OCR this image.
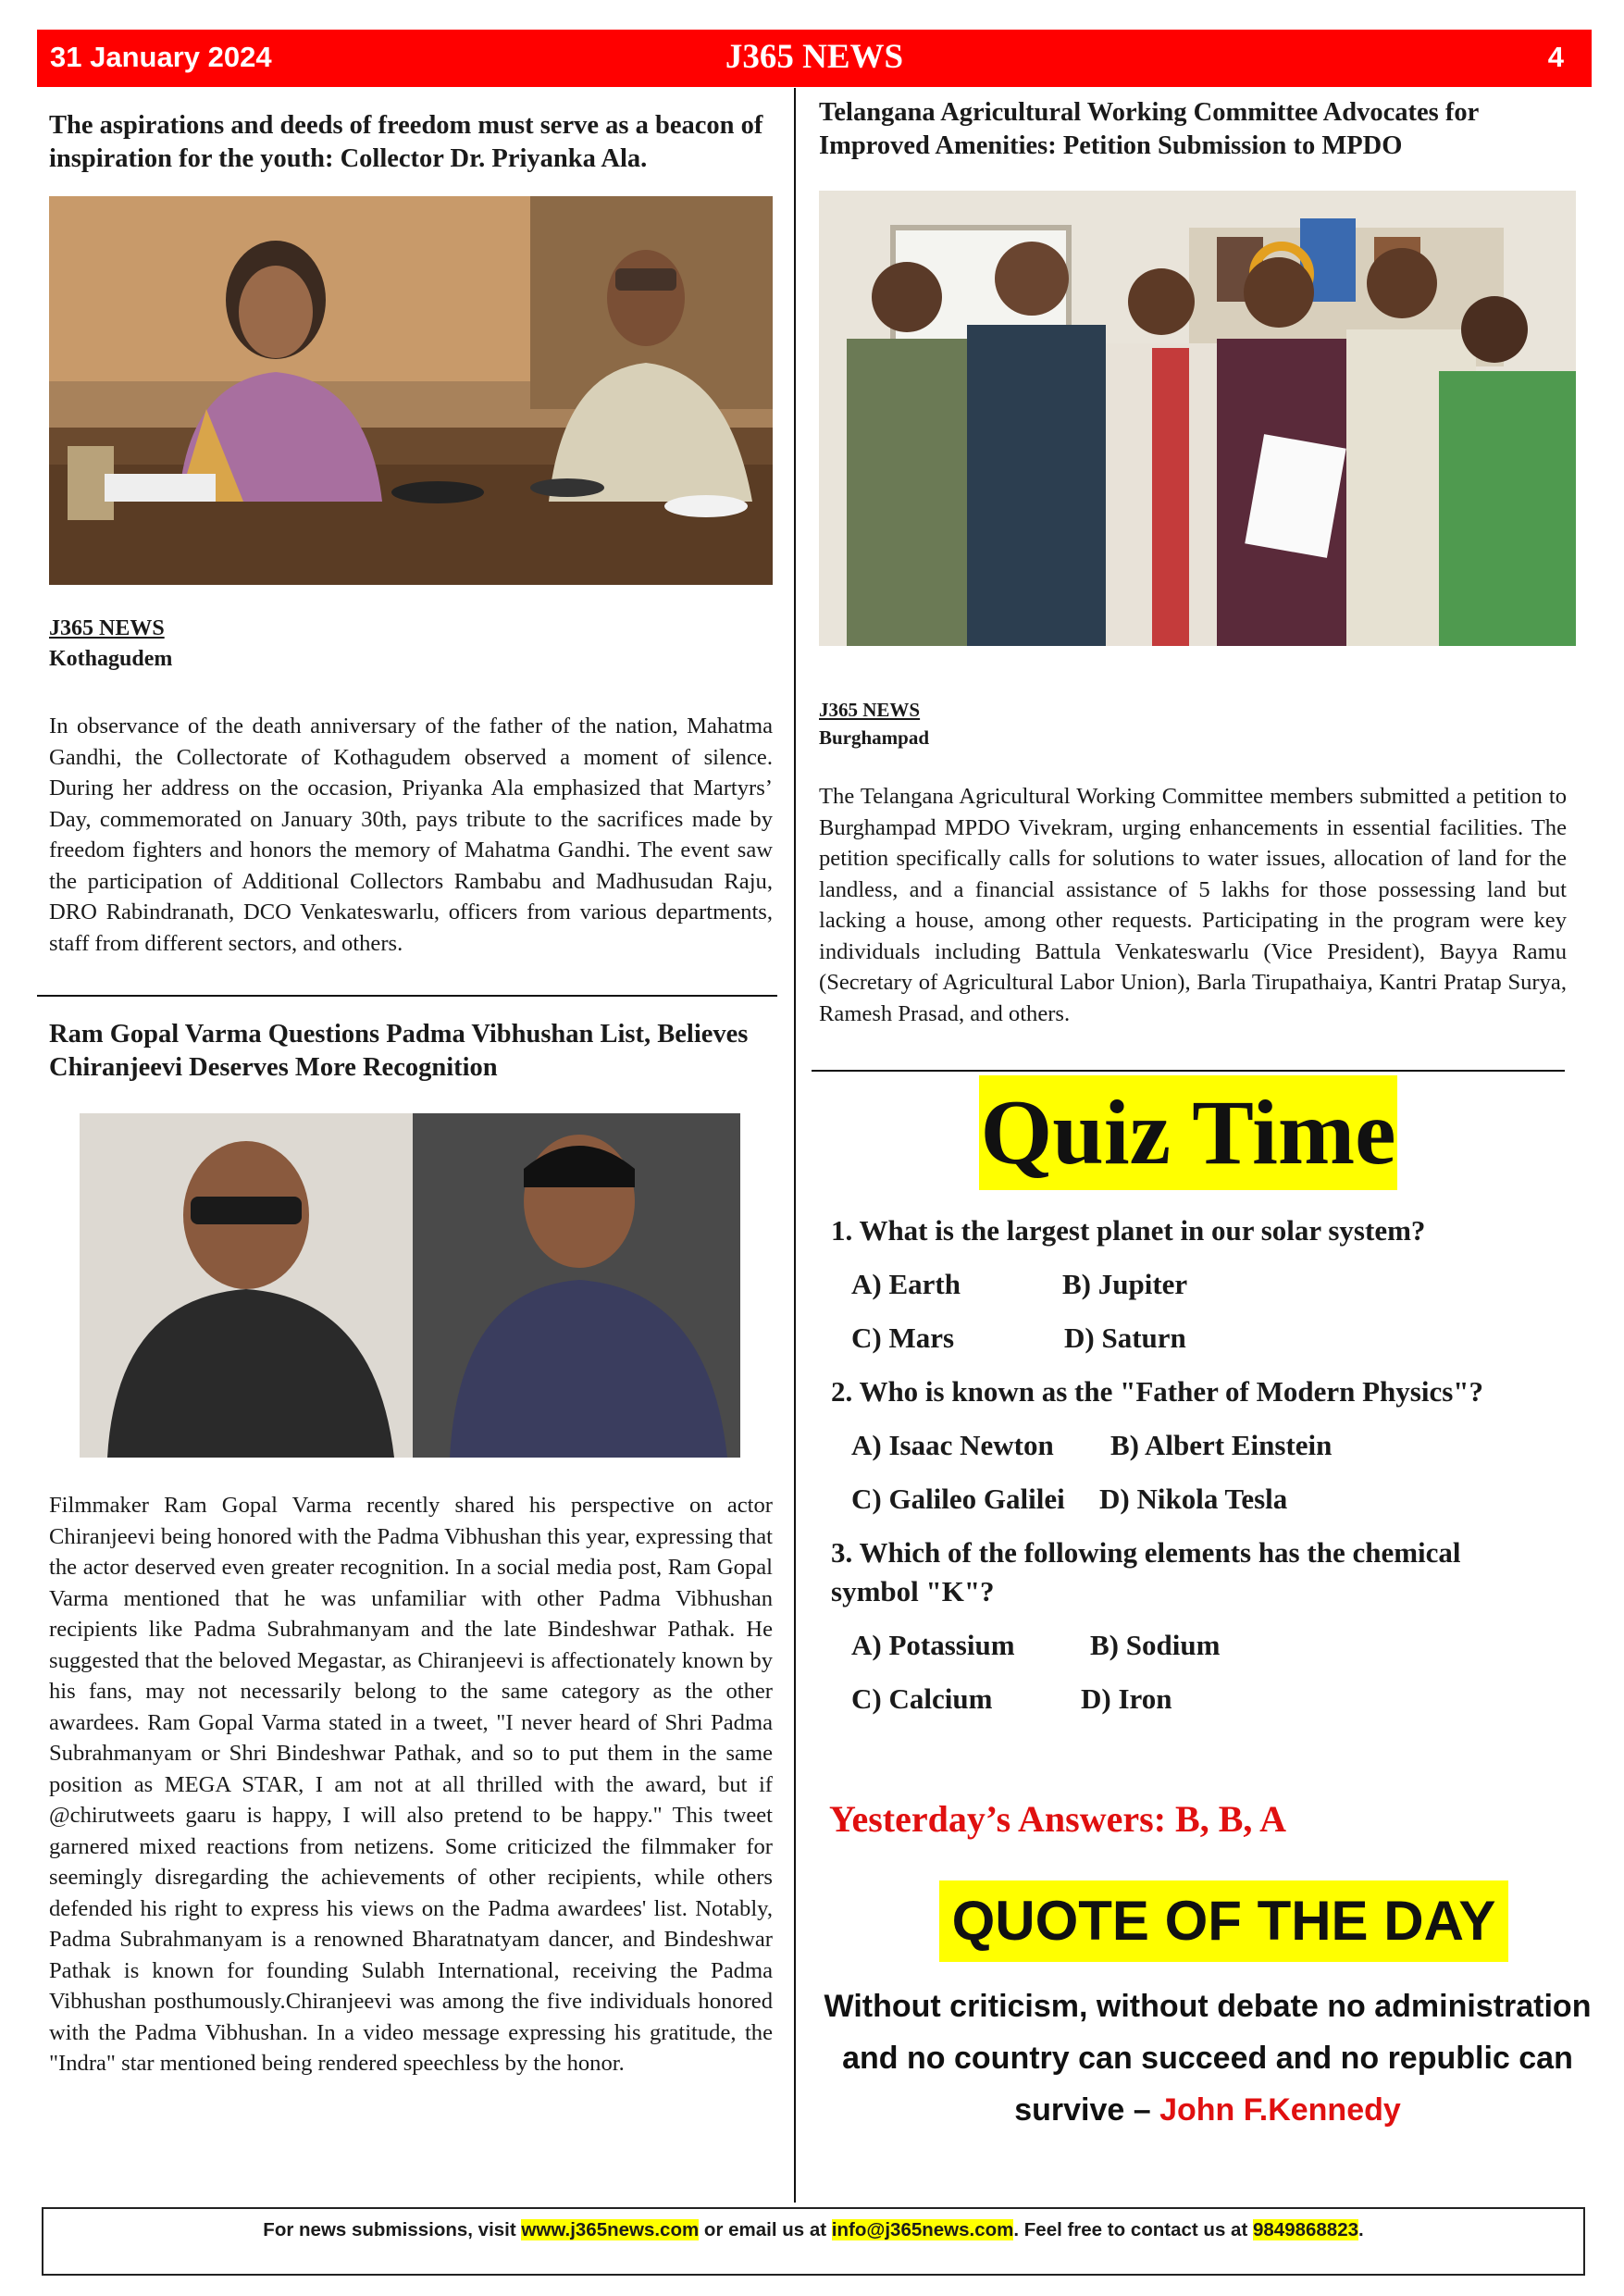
31 January 2024	J365 NEWS	4
The aspirations and deeds of freedom must serve as a beacon of inspiration for the youth: Collector Dr. Priyanka Ala.
J365 NEWS
Kothagudem
In observance of the death anniversary of the father of the nation, Mahatma Gandhi, the Collectorate of Kothagudem observed a moment of silence. During her address on the occasion, Priyanka Ala emphasized that Martyrs’ Day, commemorated on January 30th, pays tribute to the sacrifices made by freedom fighters and honors the memory of Mahatma Gandhi. The event saw the participation of Additional Collectors Rambabu and Madhusudan Raju, DRO Rabindranath, DCO Venkateswarlu, officers from various departments, staff from different sectors, and others.
Telangana Agricultural Working Committee Advocates for Improved Amenities: Petition Submission to MPDO
J365 NEWS
Burghampad
The Telangana Agricultural Working Committee members submitted a petition to Burghampad MPDO Vivekram, urging enhancements in essential facilities. The petition specifically calls for solutions to water issues, allocation of land for the landless, and a financial assistance of 5 lakhs for those possessing land but lacking a house, among other requests. Participating in the program were key individuals including Battula Venkateswarlu (Vice President), Bayya Ramu (Secretary of Agricultural Labor Union), Barla Tirupathaiya, Kantri Pratap Surya, Ramesh Prasad, and others.
Ram Gopal Varma Questions Padma Vibhushan List, Believes Chiranjeevi Deserves More Recognition
Filmmaker Ram Gopal Varma recently shared his perspective on actor Chiranjeevi being honored with the Padma Vibhushan this year, expressing that the actor deserved even greater recognition. In a social media post, Ram Gopal Varma mentioned that he was unfamiliar with other Padma Vibhushan recipients like Padma Subrahmanyam and the late Bindeshwar Pathak. He suggested that the beloved Megastar, as Chiranjeevi is affectionately known by his fans, may not necessarily belong to the same category as the other awardees. Ram Gopal Varma stated in a tweet, "I never heard of Shri Padma Subrahmanyam or Shri Bindeshwar Pathak, and so to put them in the same position as MEGA STAR, I am not at all thrilled with the award, but if @chirutweets gaaru is happy, I will also pretend to be happy." This tweet garnered mixed reactions from netizens. Some criticized the filmmaker for seemingly disregarding the achievements of other recipients, while others defended his right to express his views on the Padma awardees' list. Notably, Padma Subrahmanyam is a renowned Bharatnatyam dancer, and Bindeshwar Pathak is known for founding Sulabh International, receiving the Padma Vibhushan posthumously.Chiranjeevi was among the five individuals honored with the Padma Vibhushan. In a video message expressing his gratitude, the "Indra" star mentioned being rendered speechless by the honor.
Quiz Time
1. What is the largest planet in our solar system?
A) Earth	B) Jupiter
C) Mars	D) Saturn
2. Who is known as the "Father of Modern Physics"?
A) Isaac Newton B) Albert Einstein
C) Galileo Galilei D) Nikola Tesla
3. Which of the following elements has the chemical
symbol "K"?
A) Potassium	B) Sodium
C) Calcium	D) Iron
Yesterday’s Answers: B, B, A
QUOTE OF THE DAY
Without criticism, without debate no administration and no country can succeed and no republic can survive – John F.Kennedy
For news submissions, visit www.j365news.com or email us at info@j365news.com. Feel free to contact us at 9849868823.
